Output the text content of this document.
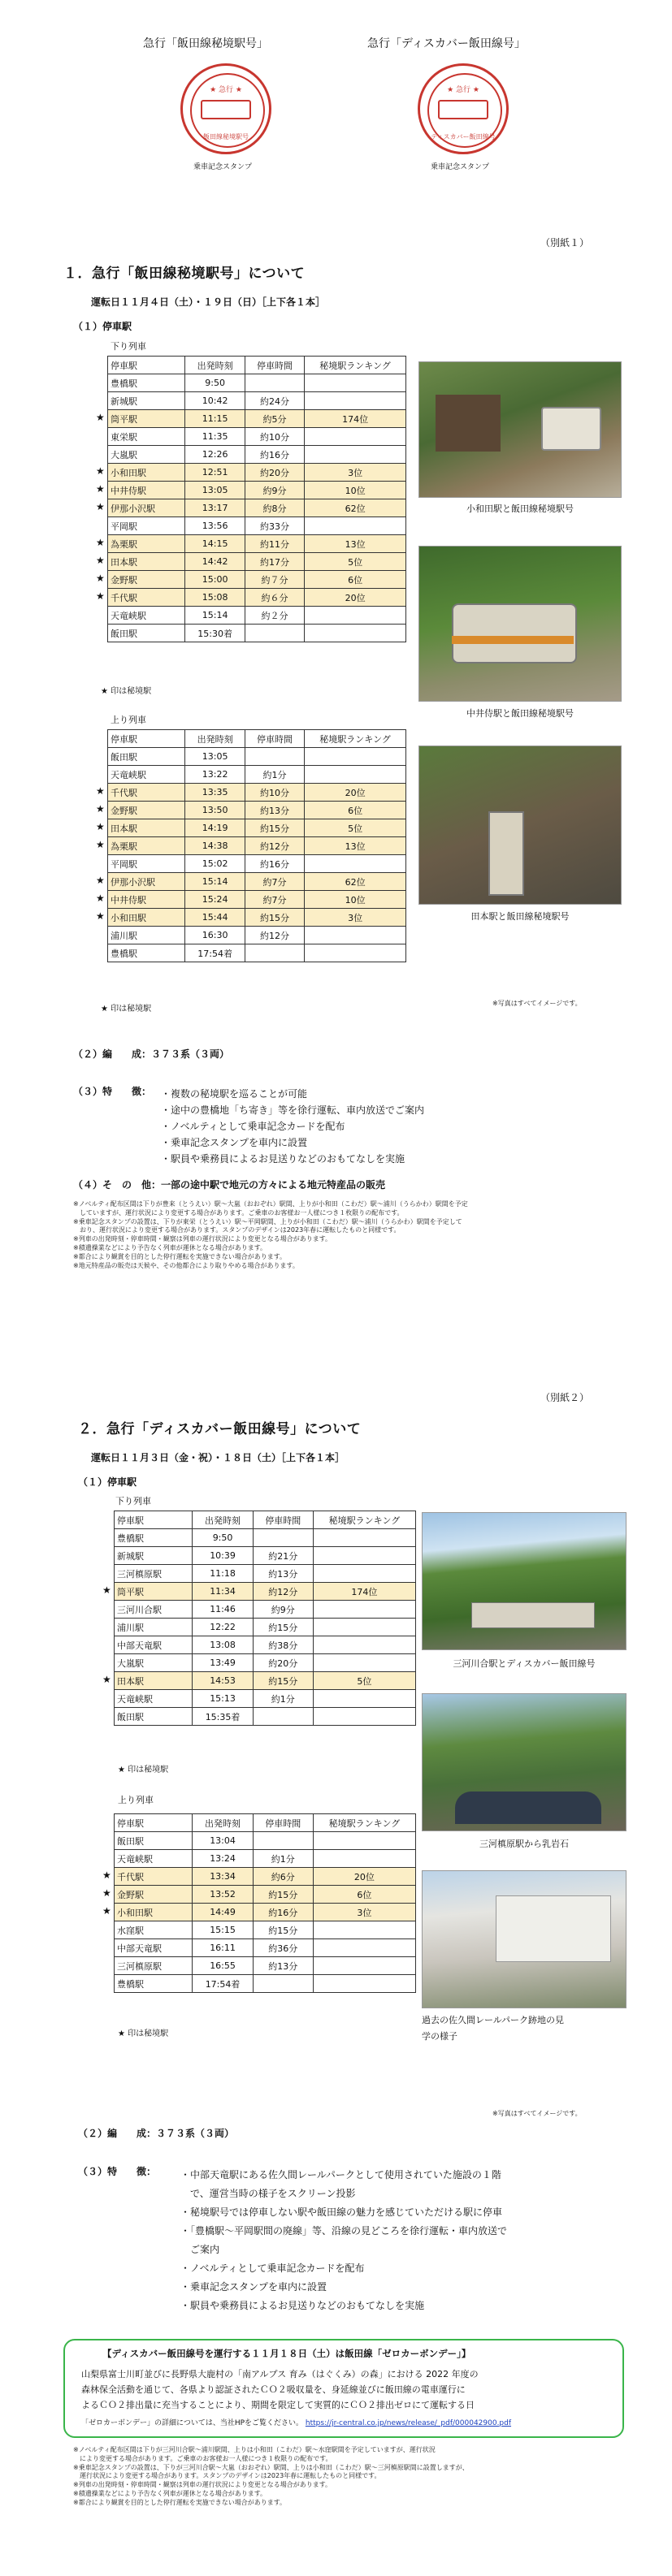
急行「飯田線秘境駅号」	急行「ディスカバー飯田線号」
★ 急行 ★
飯田線秘境駅号
★ 急行 ★
ディスカバー飯田線号
乗車記念スタンプ	乗車記念スタンプ
（別紙１）
１．急行「飯田線秘境駅号」について
運転日１１月４日（土）・１９日（日）［上下各１本］
（１）停車駅
下り列車
停車駅	出発時刻	停車時間	秘境駅ランキング
豊橋駅	9:50		
新城駅	10:42	約24分	
筒平駅	11:15	約5分	174位
東栄駅	11:35	約10分	
大嵐駅	12:26	約16分	
小和田駅	12:51	約20分	3位
中井侍駅	13:05	約9分	10位
伊那小沢駅	13:17	約8分	62位
平岡駅	13:56	約33分	
為栗駅	14:15	約11分	13位
田本駅	14:42	約17分	5位
金野駅	15:00	約７分	6位
千代駅	15:08	約６分	20位
天竜峡駅	15:14	約２分	
飯田駅	15:30着		
★ 印は秘境駅
上り列車
停車駅	出発時刻	停車時間	秘境駅ランキング
飯田駅	13:05		
天竜峡駅	13:22	約1分	
千代駅	13:35	約10分	20位
金野駅	13:50	約13分	6位
田本駅	14:19	約15分	5位
為栗駅	14:38	約12分	13位
平岡駅	15:02	約16分	
伊那小沢駅	15:14	約7分	62位
中井侍駅	15:24	約7分	10位
小和田駅	15:44	約15分	3位
浦川駅	16:30	約12分	
豊橋駅	17:54着		
★ 印は秘境駅
小和田駅と飯田線秘境駅号
中井侍駅と飯田線秘境駅号
田本駅と飯田線秘境駅号
※写真はすべてイメージです。
（２）編　　成：３７３系（３両）
（３）特　　徴： ・複数の秘境駅を巡ることが可能
・途中の豊橋地「ち寄き」等を徐行運転、車内放送でご案内
・ノベルティとして乗車記念カードを配布
・乗車記念スタンプを車内に設置
・駅員や乗務員によるお見送りなどのおもてなしを実施
（４）そ　の　他：一部の途中駅で地元の方々による地元特産品の販売
※ノベルティ配布区間は下りが豊来（とうえい）駅〜大嵐（おおぞれ）駅間、上りが小和田（こわだ）駅〜浦川（うらかわ）駅間を予定
　していますが、運行状況により変更する場合があります。ご乗車のお客様お一人様につき１枚限りの配布です。
※乗車記念スタンプの設置は、下りが東栄（とうえい）駅〜平岡駅間、上りが小和田（こわだ）駅〜浦川（うらかわ）駅間を予定して
　おり、運行状況により変更する場合があります。スタンプのデザインは2023年春に運転したものと同様です。
※列車の出発時刻・停車時間・観察は列車の運行状況により変更となる場合があります。
※積遺操業などにより予告なく列車が運休となる場合があります。
※都合により観賞を目的とした停行運転を実施できない場合があります。
※地元特産品の販売は天候や、その他都合により取りやめる場合があります。
（別紙２）
２．急行「ディスカバー飯田線号」について
運転日１１月３日（金・祝）・１８日（土）［上下各１本］
（１）停車駅
下り列車
停車駅	出発時刻	停車時間	秘境駅ランキング
豊橋駅	9:50		
新城駅	10:39	約21分	
三河槙原駅	11:18	約13分	
筒平駅	11:34	約12分	174位
三河川合駅	11:46	約9分	
浦川駅	12:22	約15分	
中部天竜駅	13:08	約38分	
大嵐駅	13:49	約20分	
田本駅	14:53	約15分	5位
天竜峡駅	15:13	約1分	
飯田駅	15:35着		
★ 印は秘境駅
上り列車
停車駅	出発時刻	停車時間	秘境駅ランキング
飯田駅	13:04		
天竜峡駅	13:24	約1分	
千代駅	13:34	約6分	20位
金野駅	13:52	約15分	6位
小和田駅	14:49	約16分	3位
水窪駅	15:15	約15分	
中部天竜駅	16:11	約36分	
三河槙原駅	16:55	約13分	
豊橋駅	17:54着		
★ 印は秘境駅
三河川合駅とディスカバー飯田線号
三河槙原駅から乳岩石
過去の佐久間レールパーク跡地の見学の様子
※写真はすべてイメージです。
（２）編　　成：３７３系（３両）
（３）特　　徴： ・中部天竜駅にある佐久間レールパークとして使用されていた施設の１階
　で、運営当時の様子をスクリーン投影
・秘境駅号では停車しない駅や飯田線の魅力を感じていただける駅に停車
・「豊橋駅〜平岡駅間の廃線」等、沿線の見どころを徐行運転・車内放送で
　ご案内
・ノベルティとして乗車記念カードを配布
・乗車記念スタンプを車内に設置
・駅員や乗務員によるお見送りなどのおもてなしを実施
【ディスカバー飯田線号を運行する１１月１８日（土）は飯田線「ゼロカーボンデー」】
山梨県富士川町並びに長野県大鹿村の「南アルプス 育み（はぐくみ）の森」における 2022 年度の
森林保全活動を通じて、各県より認証されたＣＯ２吸収量を、身延線並びに飯田線の電車運行に
よるＣＯ２排出量に充当することにより、期間を限定して実質的にＣＯ２排出ゼロにて運転する日
「ゼロカーボンデー」の詳細については、当社HPをご覧ください。 https://jr-central.co.jp/news/release/_pdf/000042900.pdf
※ノベルティ配布区間は下りが三河川合駅〜浦川駅間、上りは小和田（こわだ）駅〜水窪駅間を予定していますが、運行状況
　により変更する場合があります。ご乗車のお客様お一人様につき１枚限りの配布です。
※乗車記念スタンプの設置は、下りが三河川合駅〜大嵐（おおぞれ）駅間、上りは小和田（こわだ）駅〜三河槙原駅間に設置しますが、
　運行状況により変更する場合があります。スタンプのデザインは2023年春に運転したものと同様です。
※列車の出発時刻・停車時間・観察は列車の運行状況により変更となる場合があります。
※積遺操業などにより予告なく列車が運休となる場合があります。
※都合により観賞を目的とした停行運転を実施できない場合があります。
★
★
★
★
★
★
★
★
★
★
★
★
★
★
★
★
★
★
★
★
